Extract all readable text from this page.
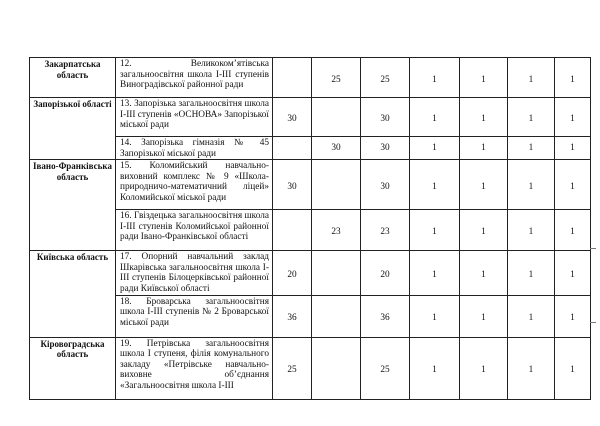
Закарпатська область	12. Великоком’ятівська загальноосвітня школа І-ІІІ ступенів Виноградівської районної ради		25	25	1	1	1	1
Запорізької області	13. Запорізька загальноосвітня школа І-ІІІ ступенів «ОСНОВА» Запорізької міської ради	30		30	1	1	1	1
	14. Запорізька гімназія № 45 Запорізької міської ради		30	30	1	1	1	1
Івано-Франківська область	15. Коломийський навчально-виховний комплекс № 9 «Школа-природничо-математичний ліцей» Коломийської міської ради	30		30	1	1	1	1
	16. Гвіздецька загальноосвітня школа І-ІІІ ступенів Коломийської районної ради Івано-Франківської області		23	23	1	1	1	1
Київська область	17. Опорний навчальний заклад Шкарівська загальноосвітня школа І-ІІІ ступенів Білоцерківської районної ради Київської області	20		20	1	1	1	1
	18. Броварська загальноосвітня школа І-ІІІ ступенів № 2 Броварської міської ради	36		36	1	1	1	1
Кіровоградська область	19. Петрівська загальноосвітня школа І ступеня, філія комунального закладу «Петрівське навчально-виховне об’єднання «Загальноосвітня школа І-ІІІ	25		25	1	1	1	1
